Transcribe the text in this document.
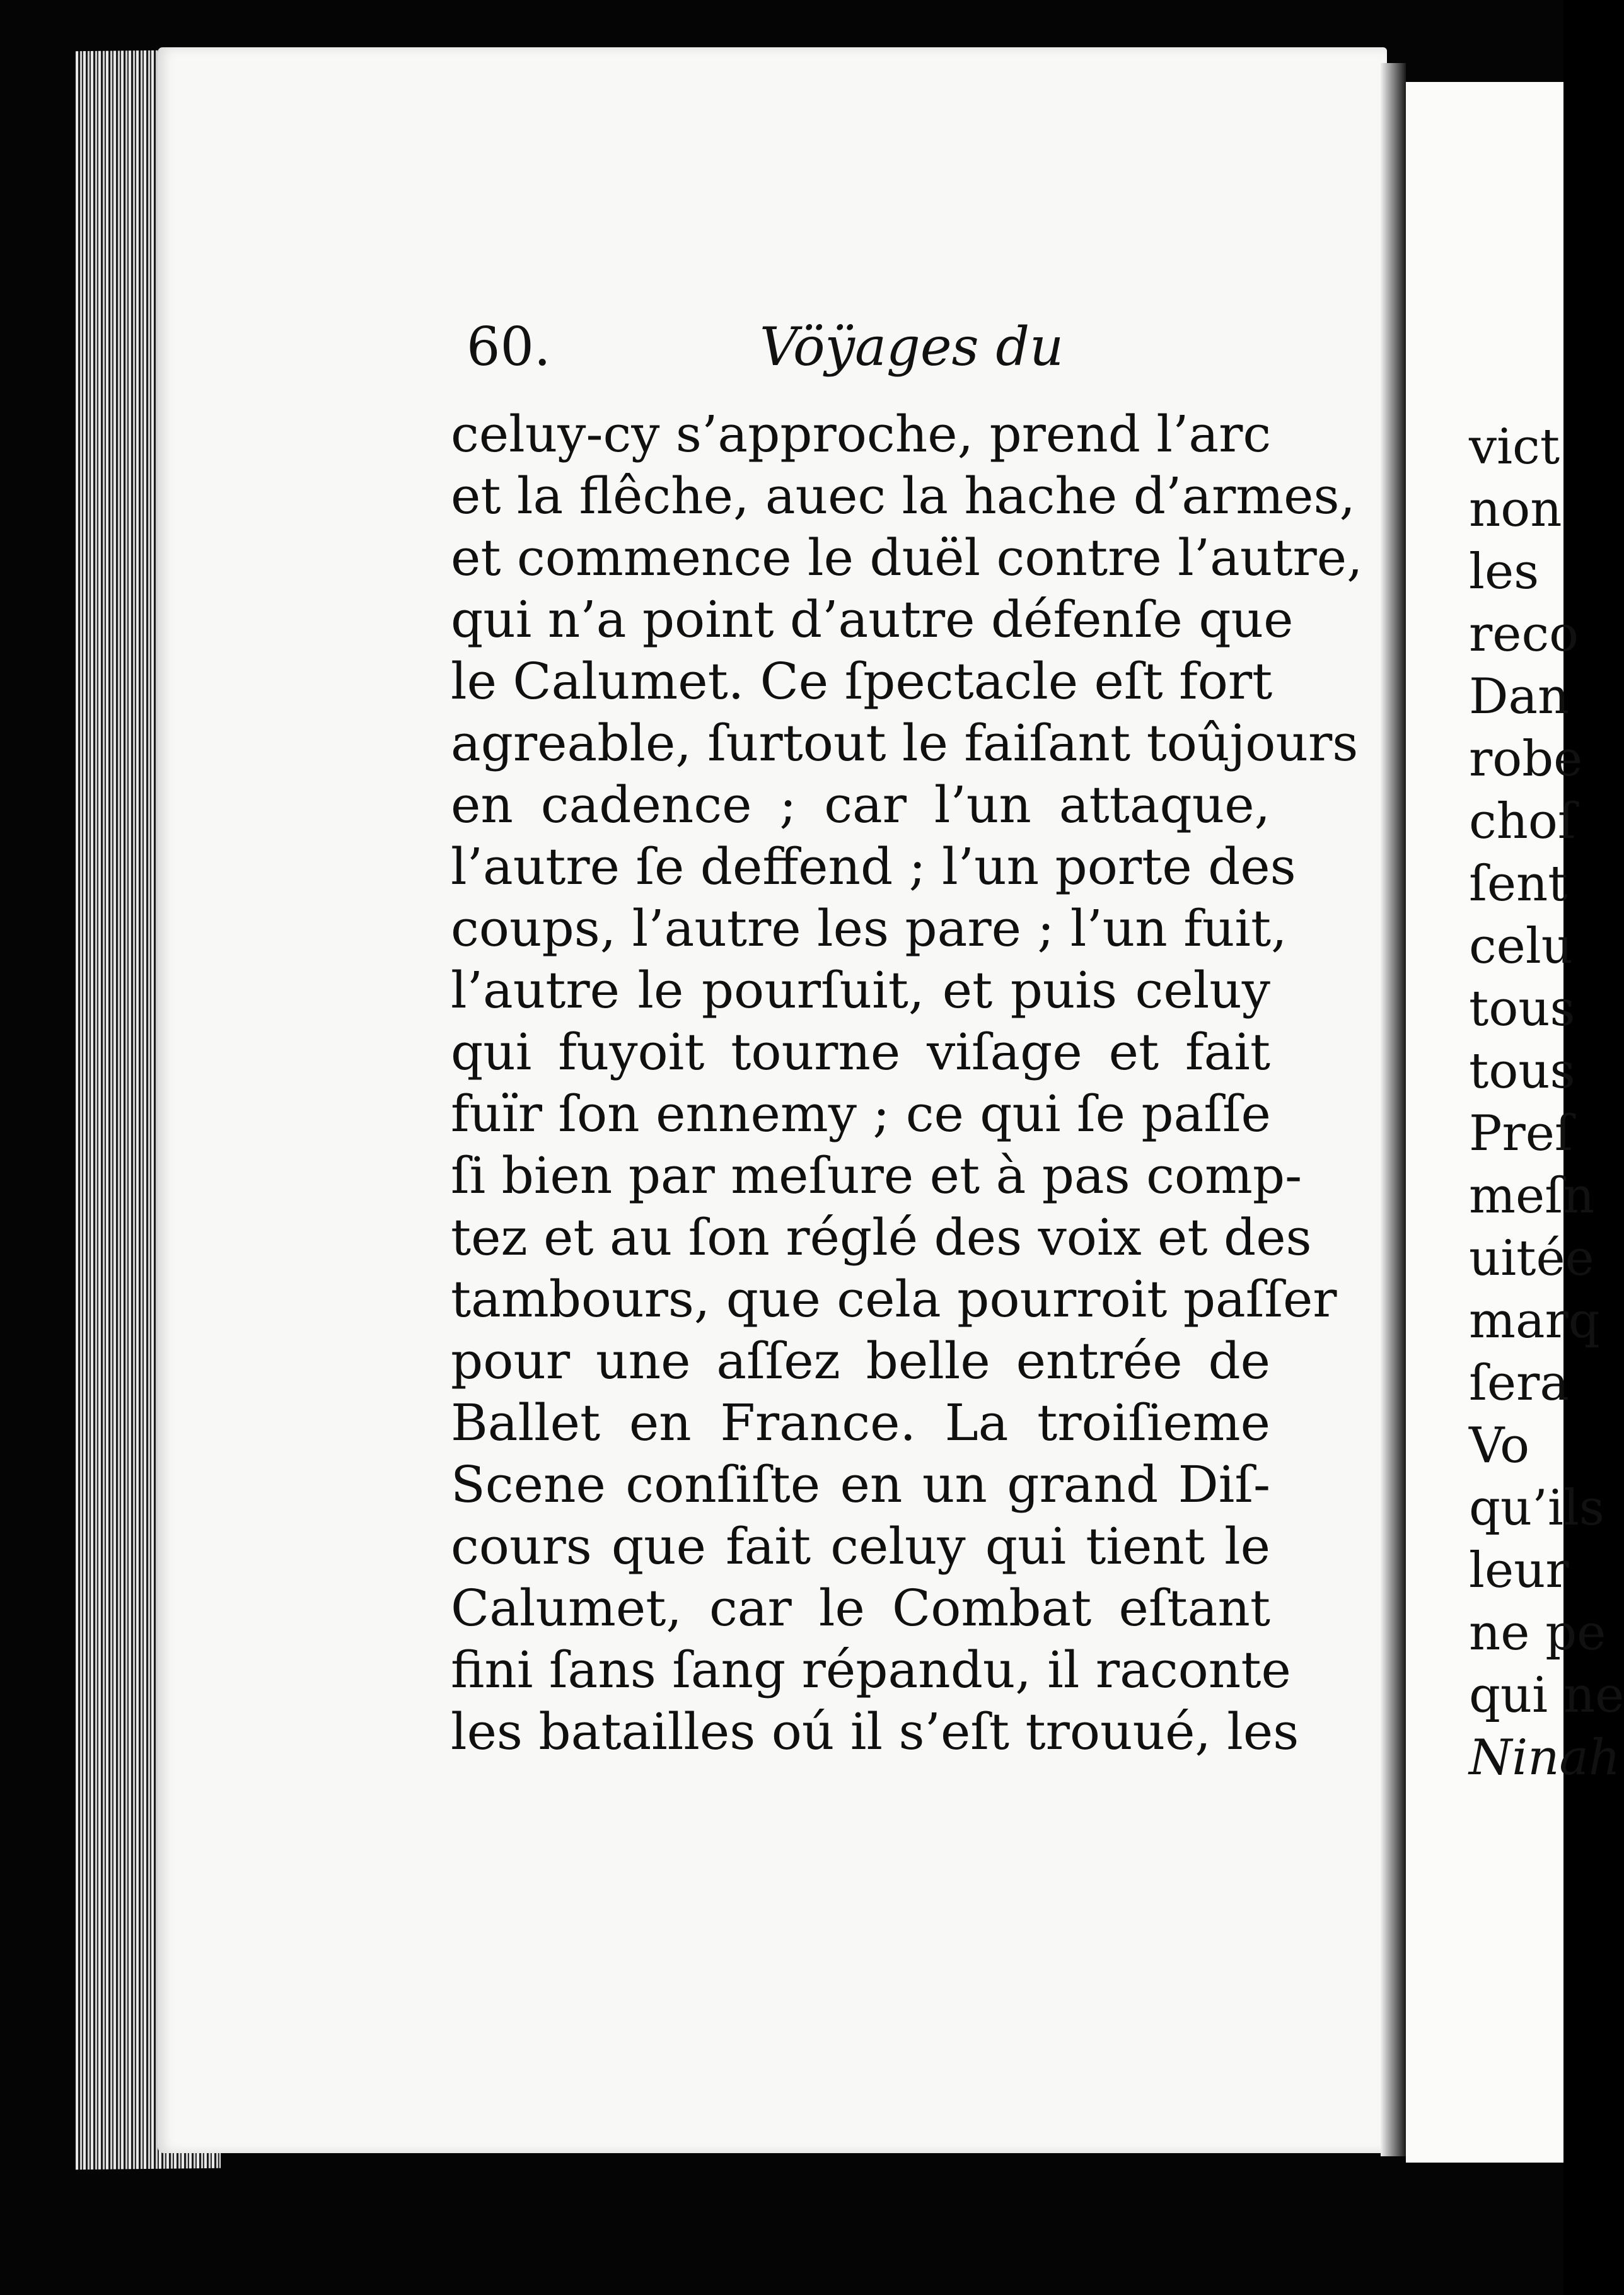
60.	Vöÿages du
celuy-cy s’approche, prend l’arc
et la flêche, auec la hache d’armes,
et commence le duël contre l’autre,
qui n’a point d’autre défenſe que
le Calumet. Ce ſpectacle eſt fort
agreable, ſurtout le faiſant toûjours
en cadence ; car l’un attaque,
l’autre ſe deffend ; l’un porte des
coups, l’autre les pare ; l’un fuit,
l’autre le pourſuit, et puis celuy
qui fuyoit tourne viſage et fait
fuïr ſon ennemy ; ce qui ſe paſſe
ſi bien par meſure et à pas comp-
tez et au ſon réglé des voix et des
tambours, que cela pourroit paſſer
pour une aſſez belle entrée de
Ballet en France. La troiſieme
Scene conſiſte en un grand Diſ-
cours que fait celuy qui tient le
Calumet, car le Combat eſtant
fini ſans ſang répandu, il raconte
les batailles oú il s’eſt trouué, les
vict
non
les
reco
Dan
robe
choſ
ſent
celu
tous
tous
Preſ
meſn
uitée
marq
ſera
Vo
qu’ils
leur
ne pe
qui ne
Ninah
